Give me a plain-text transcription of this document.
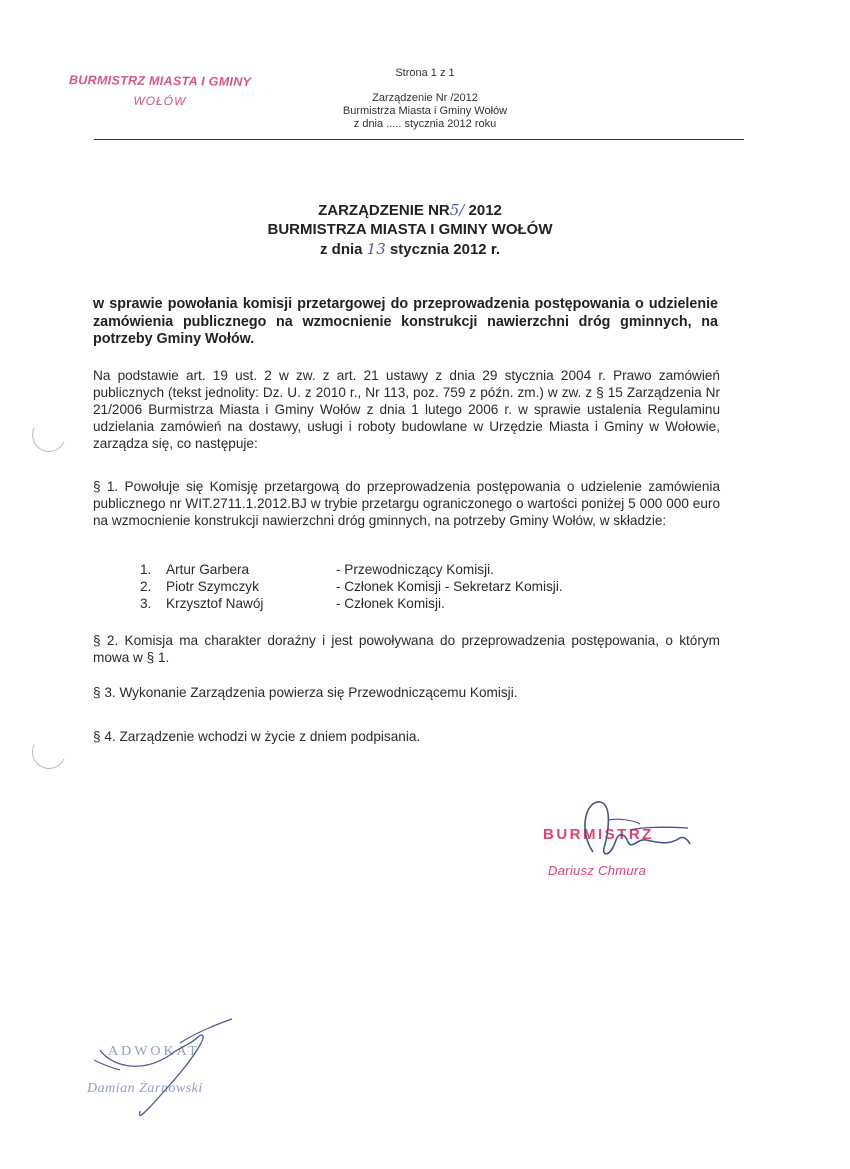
BURMISTRZ MIASTA I GMINY
WOŁÓW
Strona 1 z 1
Zarządzenie Nr /2012
Burmistrza Miasta i Gminy Wołów
z dnia ..... stycznia 2012 roku
ZARZĄDZENIE NR5/ 2012
BURMISTRZA MIASTA I GMINY WOŁÓW
z dnia 13 stycznia 2012 r.
w sprawie powołania komisji przetargowej do przeprowadzenia postępowania o udzielenie zamówienia publicznego na wzmocnienie konstrukcji nawierzchni dróg gminnych, na potrzeby Gminy Wołów.
Na podstawie art. 19 ust. 2 w zw. z art. 21 ustawy z dnia 29 stycznia 2004 r. Prawo zamówień publicznych (tekst jednolity: Dz. U. z 2010 r., Nr 113, poz. 759 z późn. zm.) w zw. z § 15 Zarządzenia Nr 21/2006 Burmistrza Miasta i Gminy Wołów z dnia 1 lutego 2006 r. w sprawie ustalenia Regulaminu udzielania zamówień na dostawy, usługi i roboty budowlane w Urzędzie Miasta i Gminy w Wołowie, zarządza się, co następuje:
§ 1. Powołuje się Komisję przetargową do przeprowadzenia postępowania o udzielenie zamówienia publicznego nr WIT.2711.1.2012.BJ w trybie przetargu ograniczonego o wartości poniżej 5 000 000 euro na wzmocnienie konstrukcji nawierzchni dróg gminnych, na potrzeby Gminy Wołów, w składzie:
1.	Artur Garbera	- Przewodniczący Komisji.
2.	Piotr Szymczyk	- Członek Komisji - Sekretarz Komisji.
3.	Krzysztof Nawój	- Członek Komisji.
§ 2. Komisja ma charakter doraźny i jest powoływana do przeprowadzenia postępowania, o którym mowa w § 1.
§ 3. Wykonanie Zarządzenia powierza się Przewodniczącemu Komisji.
§ 4. Zarządzenie wchodzi w życie z dniem podpisania.
BURMISTRZ
Dariusz Chmura
ADWOKAT
Damian Żarnowski
